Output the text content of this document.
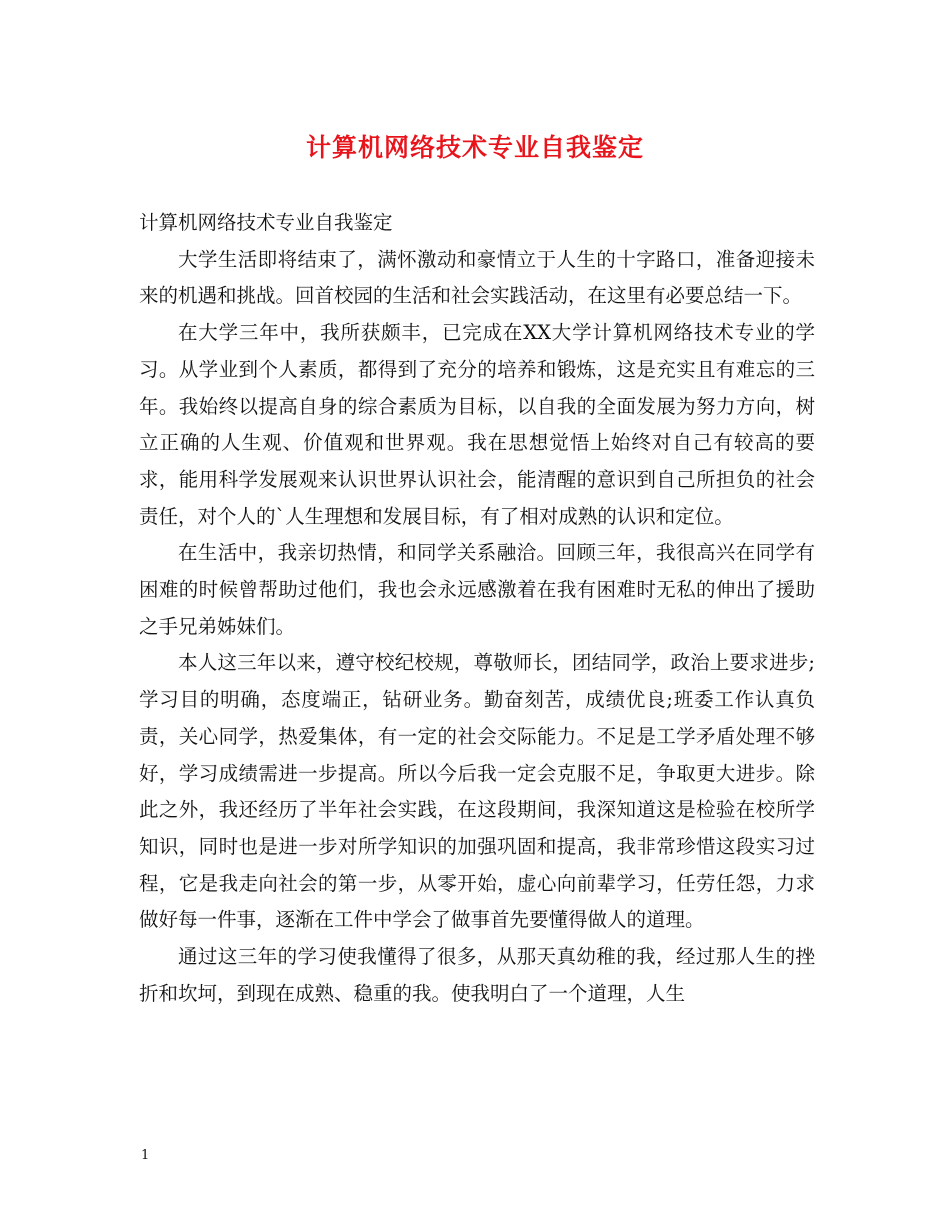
计算机网络技术专业自我鉴定

计算机网络技术专业自我鉴定

大学生活即将结束了，满怀激动和豪情立于人生的十字路口，准备迎接未来的机遇和挑战。回首校园的生活和社会实践活动，在这里有必要总结一下。

在大学三年中，我所获颇丰，已完成在XX大学计算机网络技术专业的学习。从学业到个人素质，都得到了充分的培养和锻炼，这是充实且有难忘的三年。我始终以提高自身的综合素质为目标，以自我的全面发展为努力方向，树立正确的人生观、价值观和世界观。我在思想觉悟上始终对自己有较高的要求，能用科学发展观来认识世界认识社会，能清醒的意识到自己所担负的社会责任，对个人的`人生理想和发展目标，有了相对成熟的认识和定位。

在生活中，我亲切热情，和同学关系融洽。回顾三年，我很高兴在同学有困难的时候曾帮助过他们，我也会永远感激着在我有困难时无私的伸出了援助之手兄弟姊妹们。

本人这三年以来，遵守校纪校规，尊敬师长，团结同学，政治上要求进步;学习目的明确，态度端正，钻研业务。勤奋刻苦，成绩优良;班委工作认真负责，关心同学，热爱集体，有一定的社会交际能力。不足是工学矛盾处理不够好，学习成绩需进一步提高。所以今后我一定会克服不足，争取更大进步。除此之外，我还经历了半年社会实践，在这段期间，我深知道这是检验在校所学知识，同时也是进一步对所学知识的加强巩固和提高，我非常珍惜这段实习过程，它是我走向社会的第一步，从零开始，虚心向前辈学习，任劳任怨，力求做好每一件事，逐渐在工件中学会了做事首先要懂得做人的道理。

通过这三年的学习使我懂得了很多，从那天真幼稚的我，经过那人生的挫折和坎坷，到现在成熟、稳重的我。使我明白了一个道理，人生

1
